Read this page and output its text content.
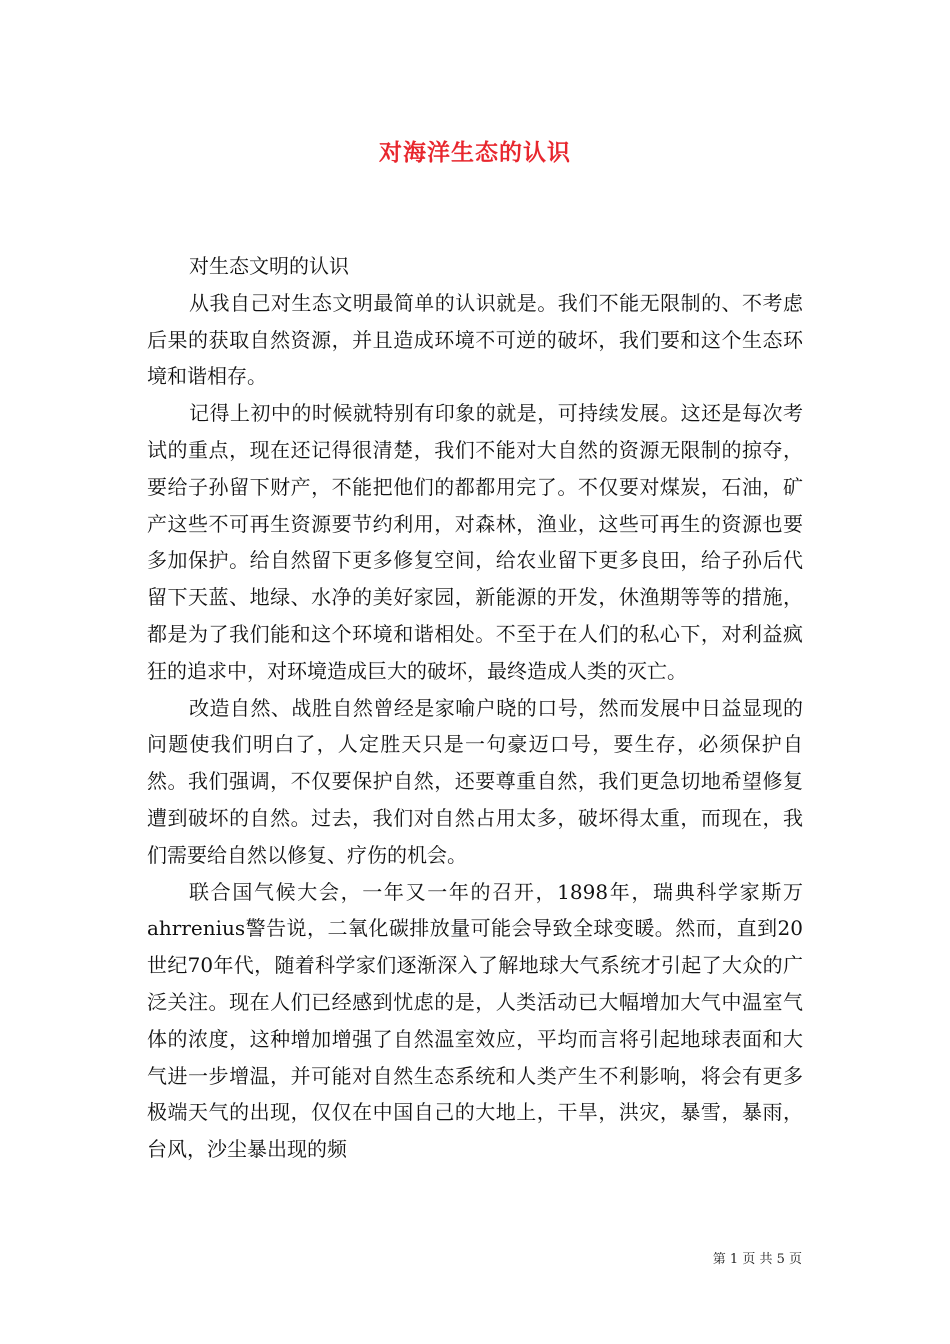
对海洋生态的认识

对生态文明的认识

从我自己对生态文明最简单的认识就是。我们不能无限制的、不考虑后果的获取自然资源，并且造成环境不可逆的破坏，我们要和这个生态环境和谐相存。

记得上初中的时候就特别有印象的就是，可持续发展。这还是每次考试的重点，现在还记得很清楚，我们不能对大自然的资源无限制的掠夺，要给子孙留下财产，不能把他们的都都用完了。不仅要对煤炭，石油，矿产这些不可再生资源要节约利用，对森林，渔业，这些可再生的资源也要多加保护。给自然留下更多修复空间，给农业留下更多良田，给子孙后代留下天蓝、地绿、水净的美好家园，新能源的开发，休渔期等等的措施，都是为了我们能和这个环境和谐相处。不至于在人们的私心下，对利益疯狂的追求中，对环境造成巨大的破坏，最终造成人类的灭亡。

改造自然、战胜自然曾经是家喻户晓的口号，然而发展中日益显现的问题使我们明白了，人定胜天只是一句豪迈口号，要生存，必须保护自然。我们强调，不仅要保护自然，还要尊重自然，我们更急切地希望修复遭到破坏的自然。过去，我们对自然占用太多，破坏得太重，而现在，我们需要给自然以修复、疗伤的机会。

联合国气候大会，一年又一年的召开，1898年，瑞典科学家斯万ahrrenius警告说，二氧化碳排放量可能会导致全球变暖。然而，直到20世纪70年代，随着科学家们逐渐深入了解地球大气系统才引起了大众的广泛关注。现在人们已经感到忧虑的是，人类活动已大幅增加大气中温室气体的浓度，这种增加增强了自然温室效应，平均而言将引起地球表面和大气进一步增温，并可能对自然生态系统和人类产生不利影响，将会有更多极端天气的出现，仅仅在中国自己的大地上，干旱，洪灾，暴雪，暴雨，台风，沙尘暴出现的频

第 1 页 共 5 页
